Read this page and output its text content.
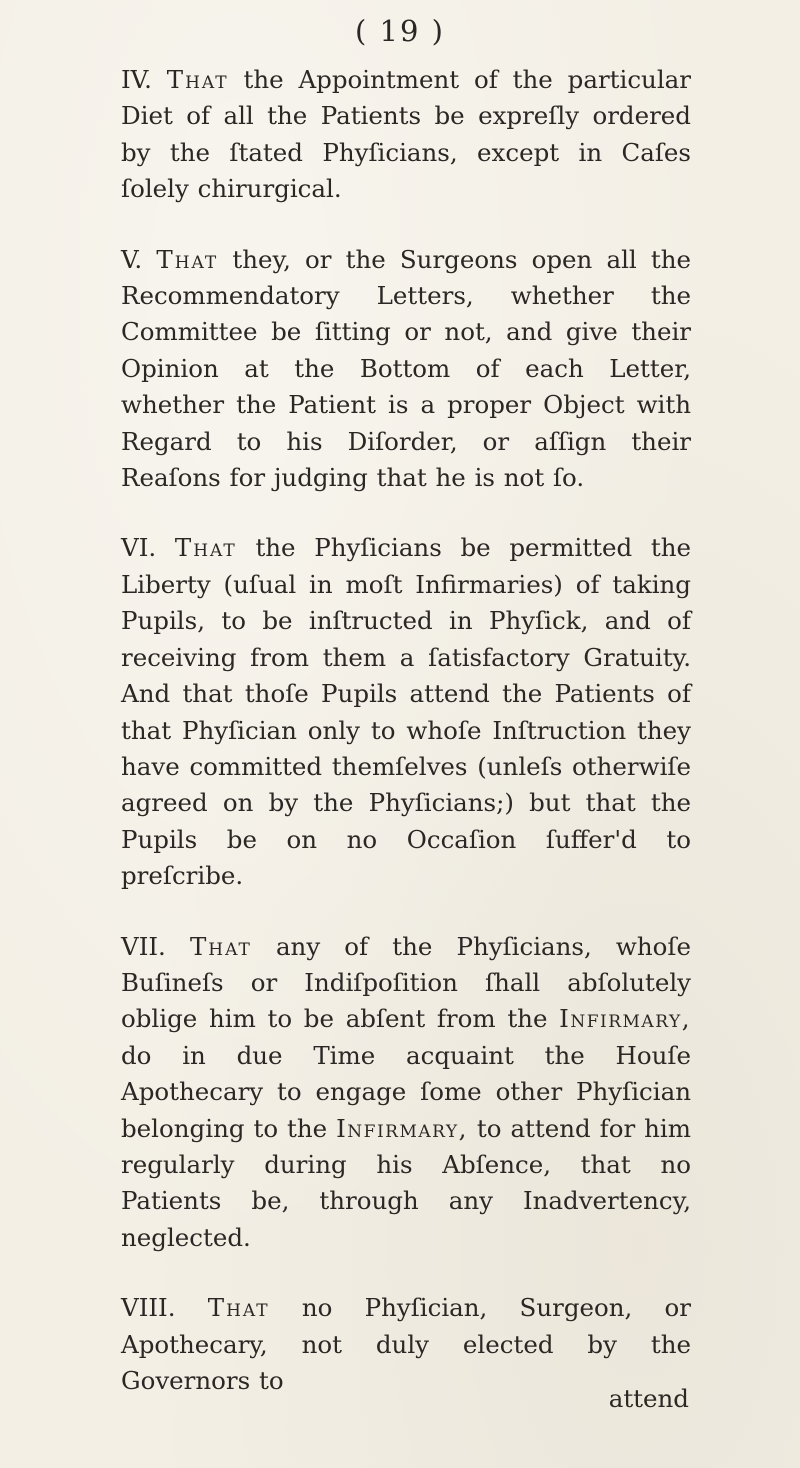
( 19 )

IV. That the Appointment of the particular Diet of all the Patients be expreſly ordered by the ſtated Phyſicians, except in Caſes ſolely chirurgical.

V. That they, or the Surgeons open all the Recommendatory Letters, whether the Committee be ſitting or not, and give their Opinion at the Bottom of each Letter, whether the Patient is a proper Object with Regard to his Diſorder, or aſſign their Reaſons for judging that he is not ſo.

VI. That the Phyſicians be permitted the Liberty (uſual in moſt Infirmaries) of taking Pupils, to be inſtructed in Phyſick, and of receiving from them a ſatisfactory Gratuity. And that thoſe Pupils attend the Patients of that Phyſician only to whoſe Inſtruction they have committed themſelves (unleſs otherwiſe agreed on by the Phyſicians;) but that the Pupils be on no Occaſion ſuffer'd to preſcribe.

VII. That any of the Phyſicians, whoſe Buſineſs or Indiſpoſition ſhall abſolutely oblige him to be abſent from the Infirmary, do in due Time acquaint the Houſe Apothecary to engage ſome other Phyſician belonging to the Infirmary, to attend for him regularly during his Abſence, that no Patients be, through any Inadvertency, neglected.

VIII. That no Phyſician, Surgeon, or Apothecary, not duly elected by the Governors to

attend
